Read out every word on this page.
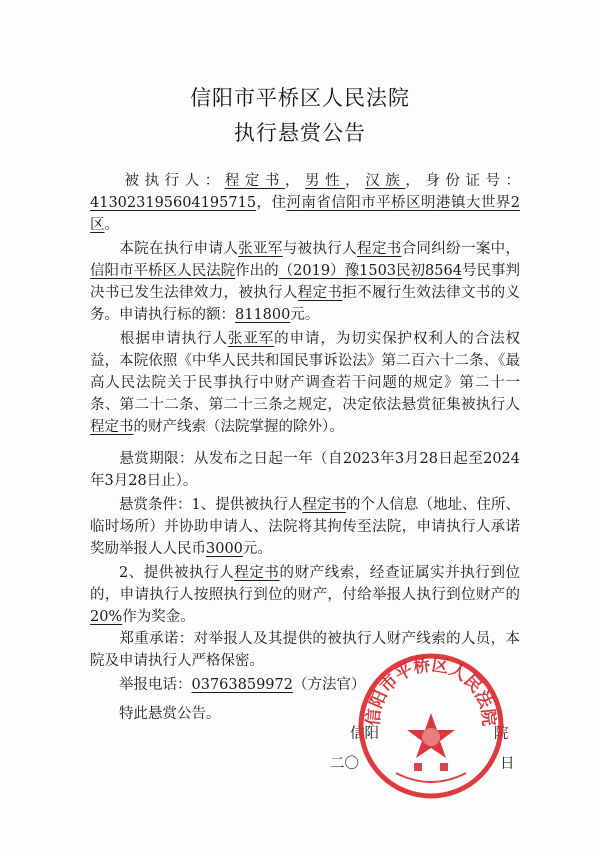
信阳市平桥区人民法院
执行悬赏公告
被执行人：程定书，男性，汉族，身份证号：413023195604195715，住河南省信阳市平桥区明港镇大世界2区。
本院在执行申请人张亚军与被执行人程定书合同纠纷一案中，信阳市平桥区人民法院作出的（2019）豫1503民初8564号民事判决书已发生法律效力，被执行人程定书拒不履行生效法律文书的义务。申请执行标的额：811800元。
根据申请执行人张亚军的申请，为切实保护权利人的合法权益，本院依照《中华人民共和国民事诉讼法》第二百六十二条、《最高人民法院关于民事执行中财产调查若干问题的规定》第二十一条、第二十二条、第二十三条之规定，决定依法悬赏征集被执行人程定书的财产线索（法院掌握的除外）。
悬赏期限：从发布之日起一年（自2023年3月28日起至2024年3月28日止）。
悬赏条件：1、提供被执行人程定书的个人信息（地址、住所、临时场所）并协助申请人、法院将其拘传至法院，申请执行人承诺奖励举报人人民币3000元。
2、提供被执行人程定书的财产线索，经查证属实并执行到位的，申请执行人按照执行到位的财产，付给举报人执行到位财产的20%作为奖金。
郑重承诺：对举报人及其提供的被执行人财产线索的人员，本院及申请执行人严格保密。
举报电话：03763859972（方法官）
特此悬赏公告。
信阳	院
二〇	日
信阳市平桥区人民法院
